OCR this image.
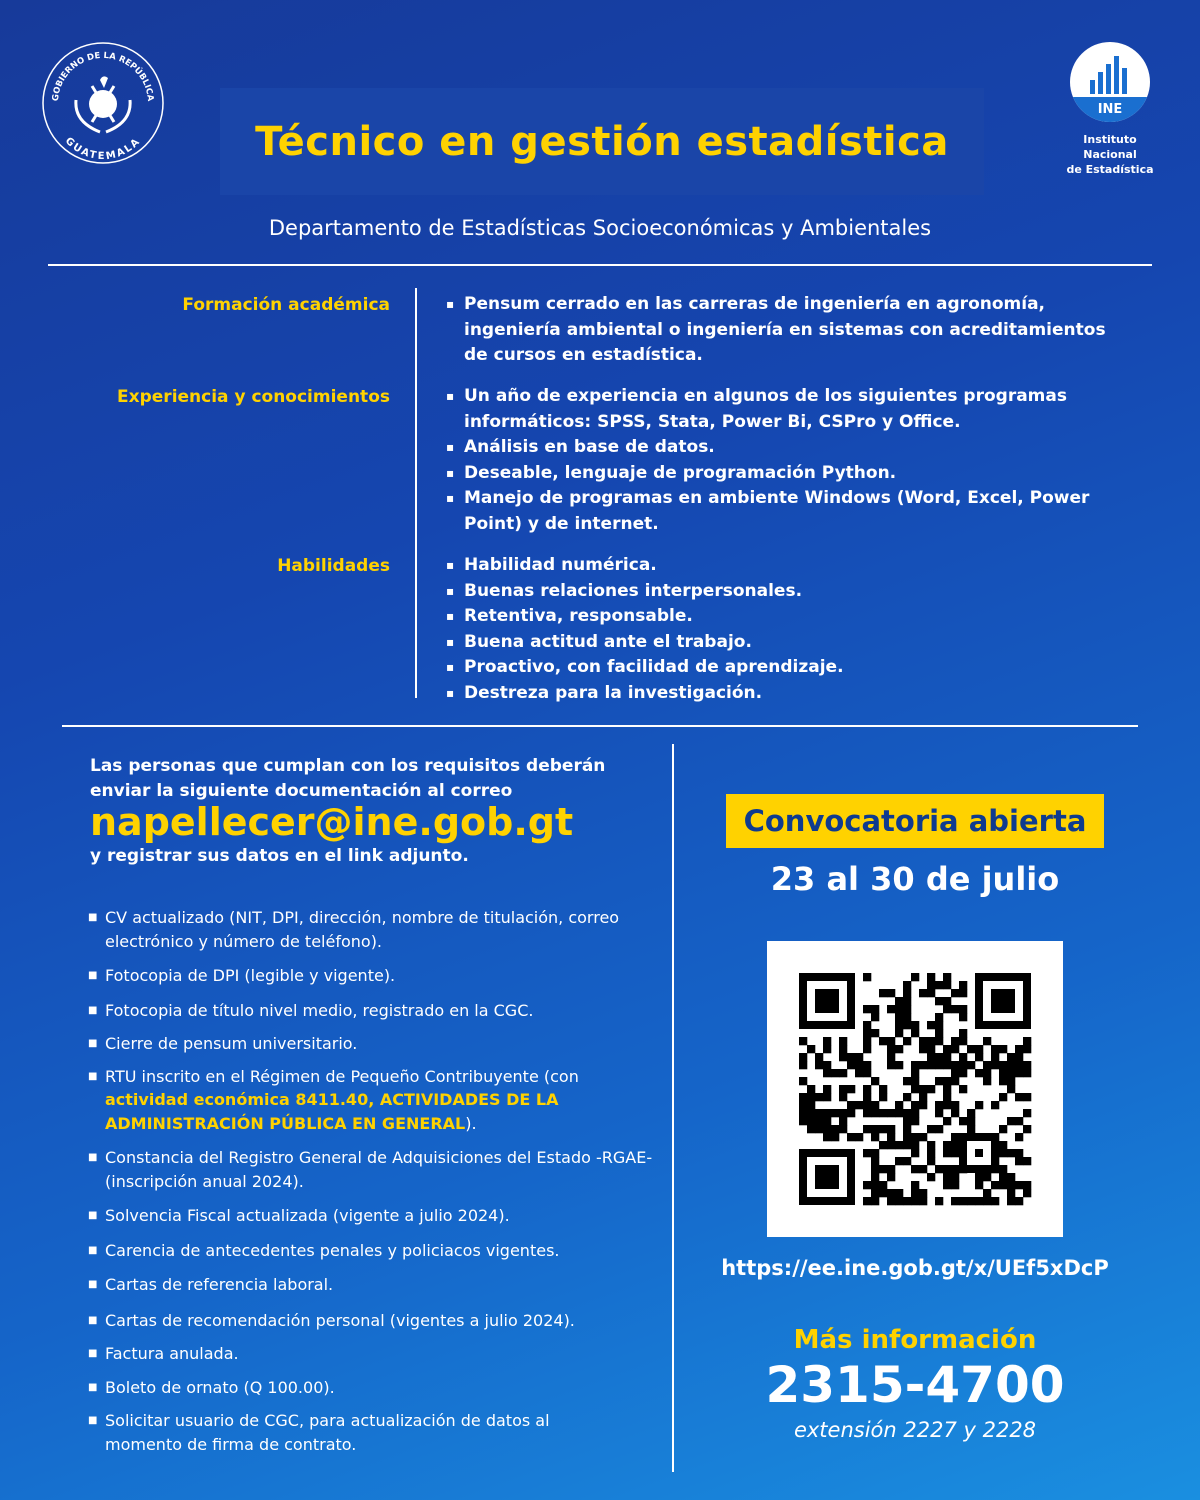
GOBIERNO DE LA REPÚBLICA
GUATEMALA	Técnico en gestión estadística
INE
Instituto Nacional
de Estadística
Departamento de Estadísticas Socioeconómicas y Ambientales
Formación académica	▪ Pensum cerrado en las carreras de ingeniería en agronomía, ingeniería ambiental o ingeniería en sistemas con acreditamientos de cursos en estadística.
Experiencia y conocimientos	▪ Un año de experiencia en algunos de los siguientes programas informáticos: SPSS, Stata, Power Bi, CSPro y Office.
▪ Análisis en base de datos.
▪ Deseable, lenguaje de programación Python.
▪ Manejo de programas en ambiente Windows (Word, Excel, Power Point) y de internet.
Habilidades	▪ Habilidad numérica.
▪ Buenas relaciones interpersonales.
▪ Retentiva, responsable.
▪ Buena actitud ante el trabajo.
▪ Proactivo, con facilidad de aprendizaje.
▪ Destreza para la investigación.
Las personas que cumplan con los requisitos deberán enviar la siguiente documentación al correo
napellecer@ine.gob.gt
y registrar sus datos en el link adjunto.
■ CV actualizado (NIT, DPI, dirección, nombre de titulación, correo electrónico y número de teléfono).
■ Fotocopia de DPI (legible y vigente).
■ Fotocopia de título nivel medio, registrado en la CGC.
■ Cierre de pensum universitario.
■ RTU inscrito en el Régimen de Pequeño Contribuyente (con actividad económica 8411.40, ACTIVIDADES DE LA ADMINISTRACIÓN PÚBLICA EN GENERAL).
■ Constancia del Registro General de Adquisiciones del Estado -RGAE- (inscripción anual 2024).
■ Solvencia Fiscal actualizada (vigente a julio 2024).
■ Carencia de antecedentes penales y policiacos vigentes.
■ Cartas de referencia laboral.
■ Cartas de recomendación personal (vigentes a julio 2024).
■ Factura anulada.
■ Boleto de ornato (Q 100.00).
■ Solicitar usuario de CGC, para actualización de datos al momento de firma de contrato.
Convocatoria abierta
23 al 30 de julio
https://ee.ine.gob.gt/x/UEf5xDcP
Más información
2315-4700
extensión 2227 y 2228
